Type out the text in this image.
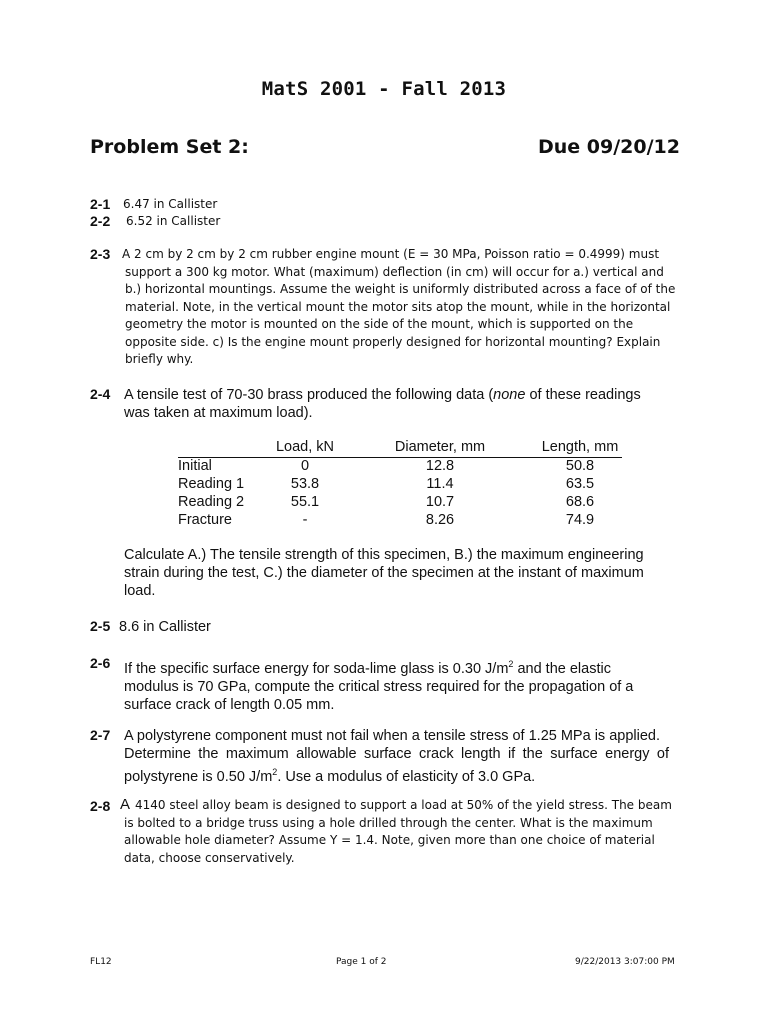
MatS 2001 - Fall 2013
Problem Set 2:	Due 09/20/12
2-1 6.47 in Callister
2-2 6.52 in Callister
2-3 A 2 cm by 2 cm by 2 cm rubber engine mount (E = 30 MPa, Poisson ratio = 0.4999) must
support a 300 kg motor. What (maximum) deflection (in cm) will occur for a.) vertical and
b.) horizontal mountings. Assume the weight is uniformly distributed across a face of of the
material. Note, in the vertical mount the motor sits atop the mount, while in the horizontal
geometry the motor is mounted on the side of the mount, which is supported on the
opposite side. c) Is the engine mount properly designed for horizontal mounting? Explain
briefly why.
2-4 A tensile test of 70-30 brass produced the following data (none of these readings
was taken at maximum load).
	Load, kN	Diameter, mm	Length, mm
Initial	0	12.8	50.8
Reading 1	53.8	11.4	63.5
Reading 2	55.1	10.7	68.6
Fracture	-	8.26	74.9
Calculate A.) The tensile strength of this specimen, B.) the maximum engineering
strain during the test, C.) the diameter of the specimen at the instant of maximum
load.
2-5 8.6 in Callister
2-6 If the specific surface energy for soda-lime glass is 0.30 $J/m^2$ and the elastic
modulus is 70 GPa, compute the critical stress required for the propagation of a
surface crack of length 0.05 mm.
2-7 A polystyrene component must not fail when a tensile stress of 1.25 MPa is applied.
Determine the maximum allowable surface crack length if the surface energy of
polystyrene is 0.50 $J/m^2$. Use a modulus of elasticity of 3.0 GPa.
2-8 A 4140 steel alloy beam is designed to support a load at 50% of the yield stress. The beam
is bolted to a bridge truss using a hole drilled through the center. What is the maximum
allowable hole diameter? Assume Y = 1.4. Note, given more than one choice of material
data, choose conservatively.
FL12	Page 1 of 2	9/22/2013 3:07:00 PM
